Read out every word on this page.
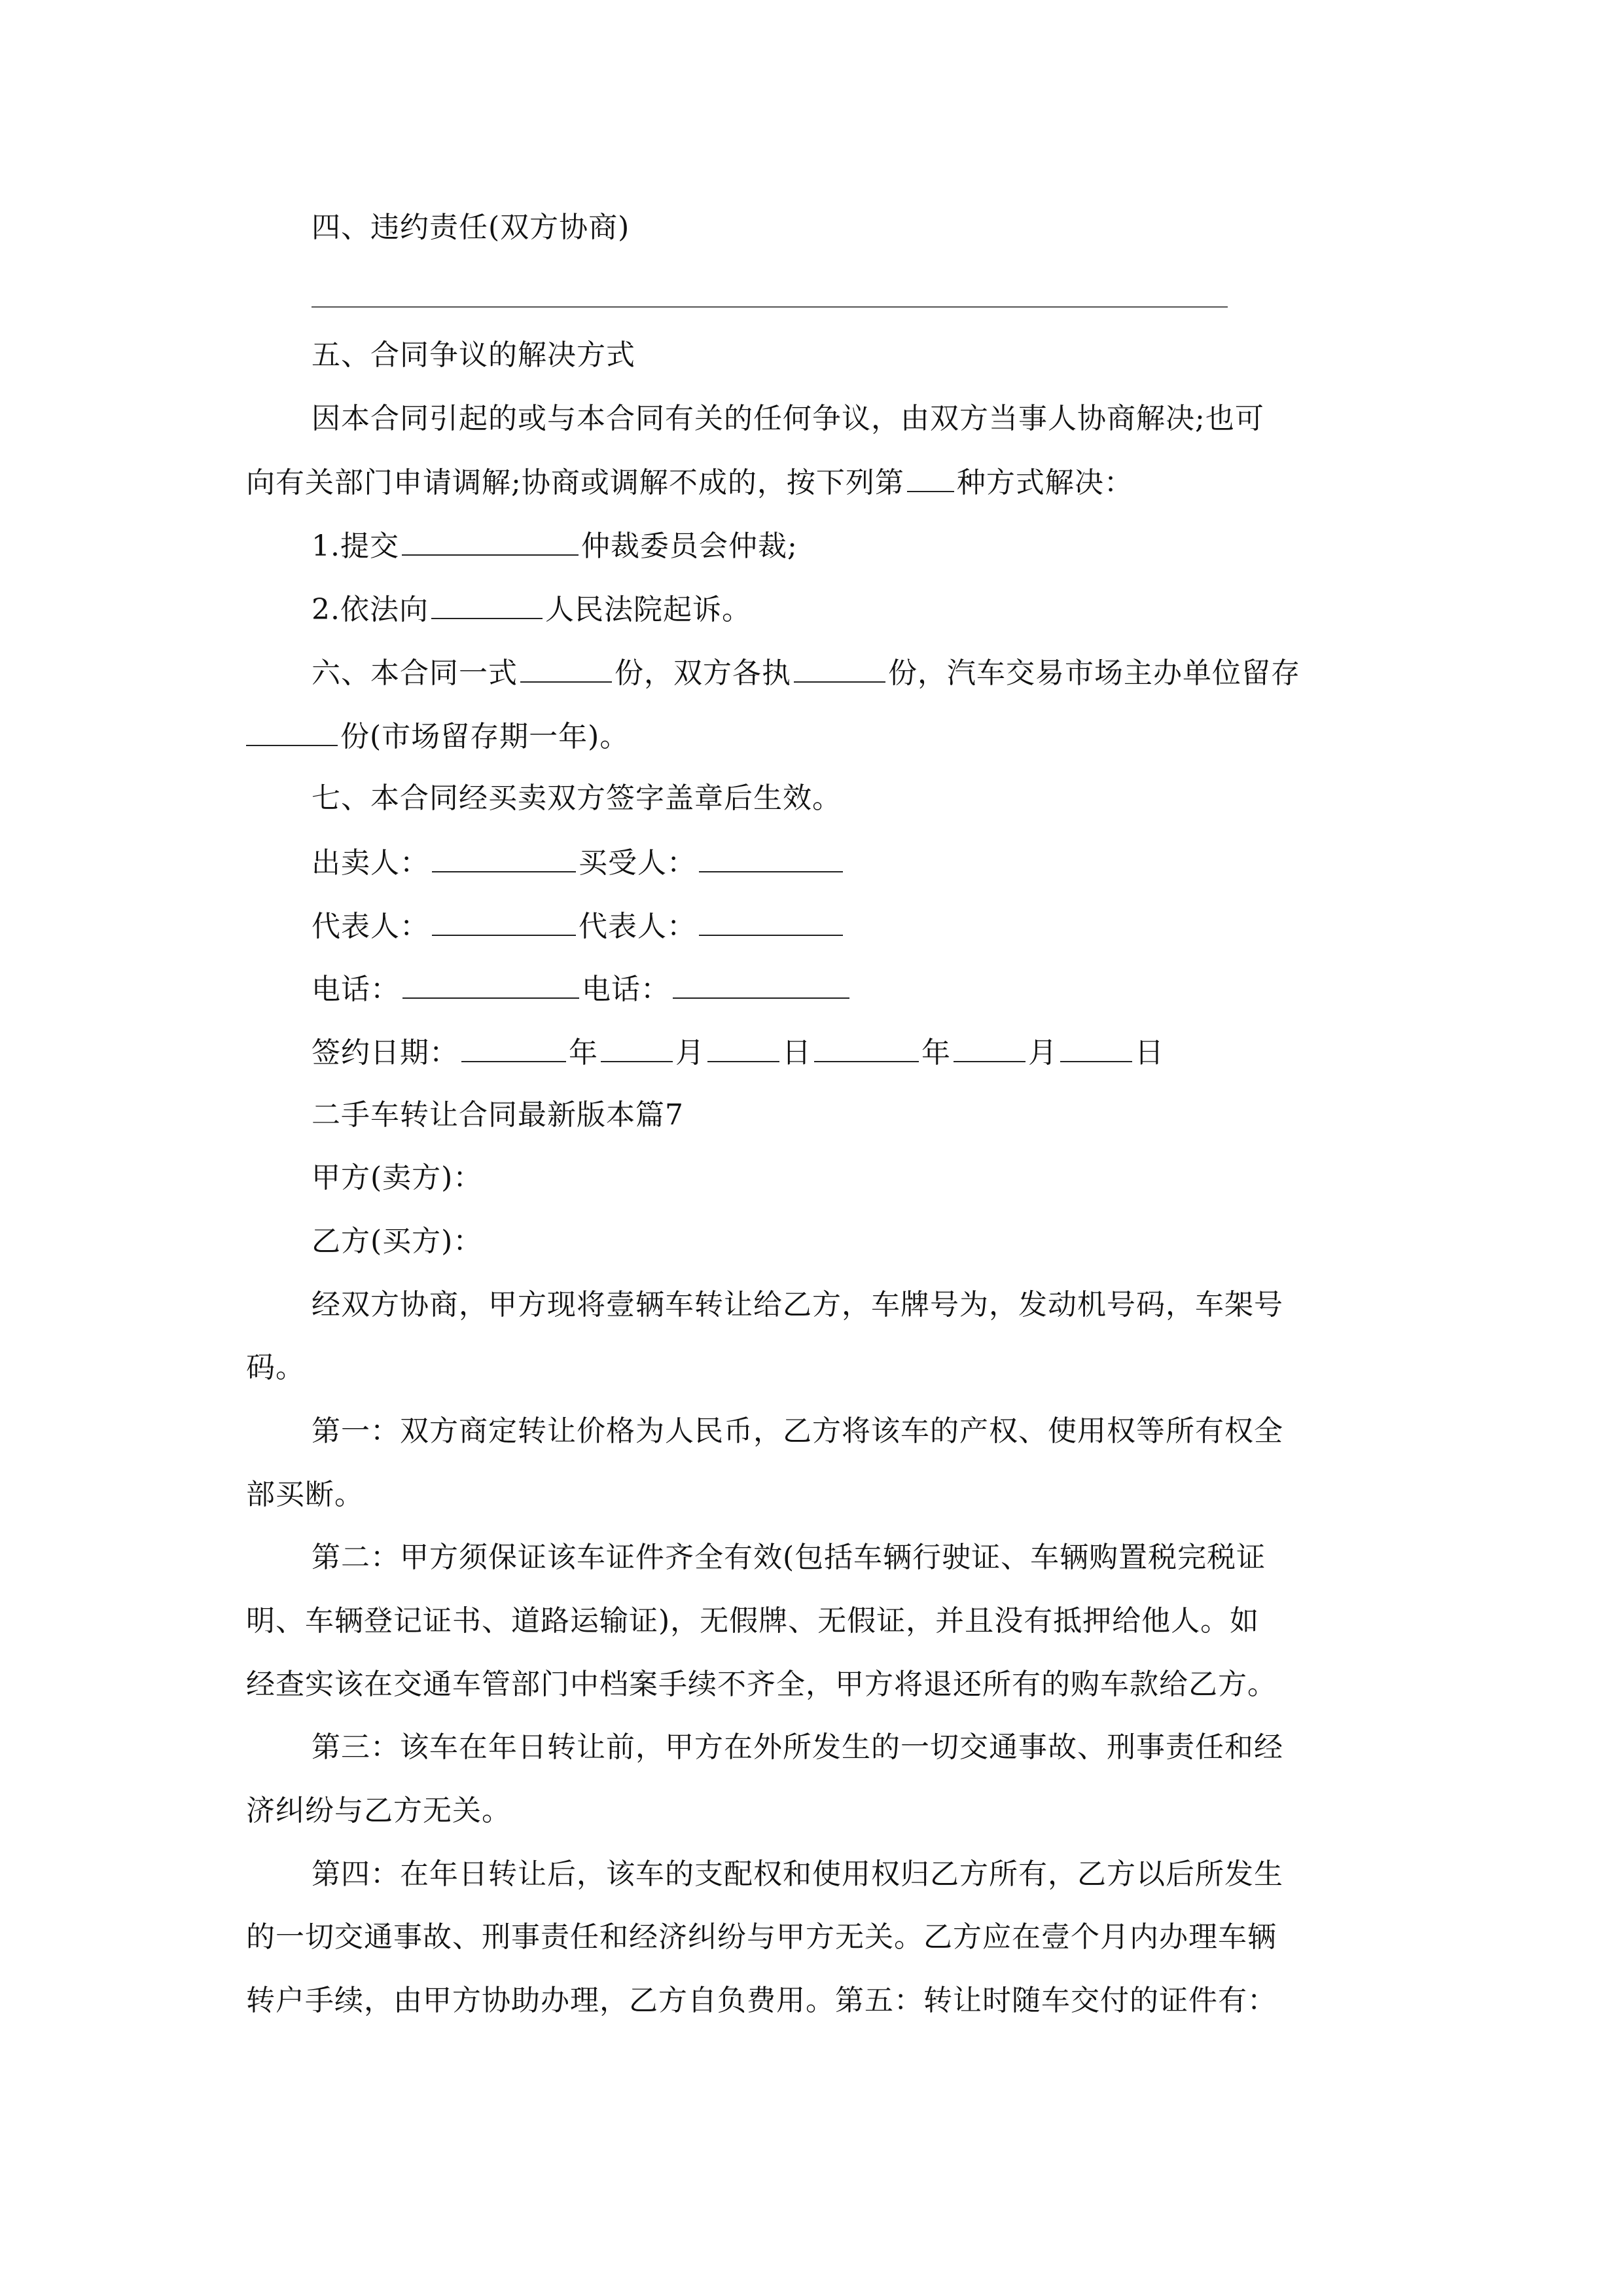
四、违约责任(双方协商)
五、合同争议的解决方式
因本合同引起的或与本合同有关的任何争议，由双方当事人协商解决;也可
向有关部门申请调解;协商或调解不成的，按下列第 种方式解决：
1.提交	仲裁委员会仲裁;
2.依法向	人民法院起诉。
六、本合同一式	份，双方各执	份，汽车交易市场主办单位留存
份(市场留存期一年)。
七、本合同经买卖双方签字盖章后生效。
出卖人：	买受人：
代表人：	代表人：
电话：	电话：
签约日期：	年	月	日	年	月	日
二手车转让合同最新版本篇7
甲方(卖方)：
乙方(买方)：
经双方协商，甲方现将壹辆车转让给乙方，车牌号为，发动机号码，车架号
码。
第一：双方商定转让价格为人民币，乙方将该车的产权、使用权等所有权全
部买断。
第二：甲方须保证该车证件齐全有效(包括车辆行驶证、车辆购置税完税证
明、车辆登记证书、道路运输证)，无假牌、无假证，并且没有抵押给他人。如
经查实该在交通车管部门中档案手续不齐全，甲方将退还所有的购车款给乙方。
第三：该车在年日转让前，甲方在外所发生的一切交通事故、刑事责任和经
济纠纷与乙方无关。
第四：在年日转让后，该车的支配权和使用权归乙方所有，乙方以后所发生
的一切交通事故、刑事责任和经济纠纷与甲方无关。乙方应在壹个月内办理车辆
转户手续，由甲方协助办理，乙方自负费用。第五：转让时随车交付的证件有：
